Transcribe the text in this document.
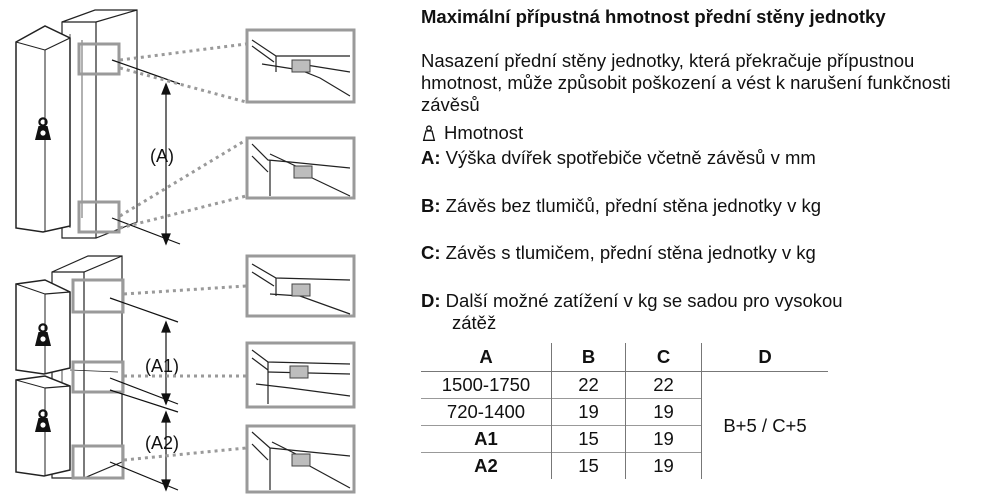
(A)
(A1)
(A2)
Maximální přípustná hmotnost přední stěny jednotky
Nasazení přední stěny jednotky, která překračuje přípustnou hmotnost, může způsobit poškození a vést k narušení funkčnosti závěsů
Hmotnost
A: Výška dvířek spotřebiče včetně závěsů v mm
B: Závěs bez tlumičů, přední stěna jednotky v kg
C: Závěs s tlumičem, přední stěna jednotky v kg
D: Další možné zatížení v kg se sadou pro vysokou
zátěž
A	B	C	D
1500-1750	22	22	B+5 / C+5
720-1400	19	19	
A1	15	19	
A2	15	19	
